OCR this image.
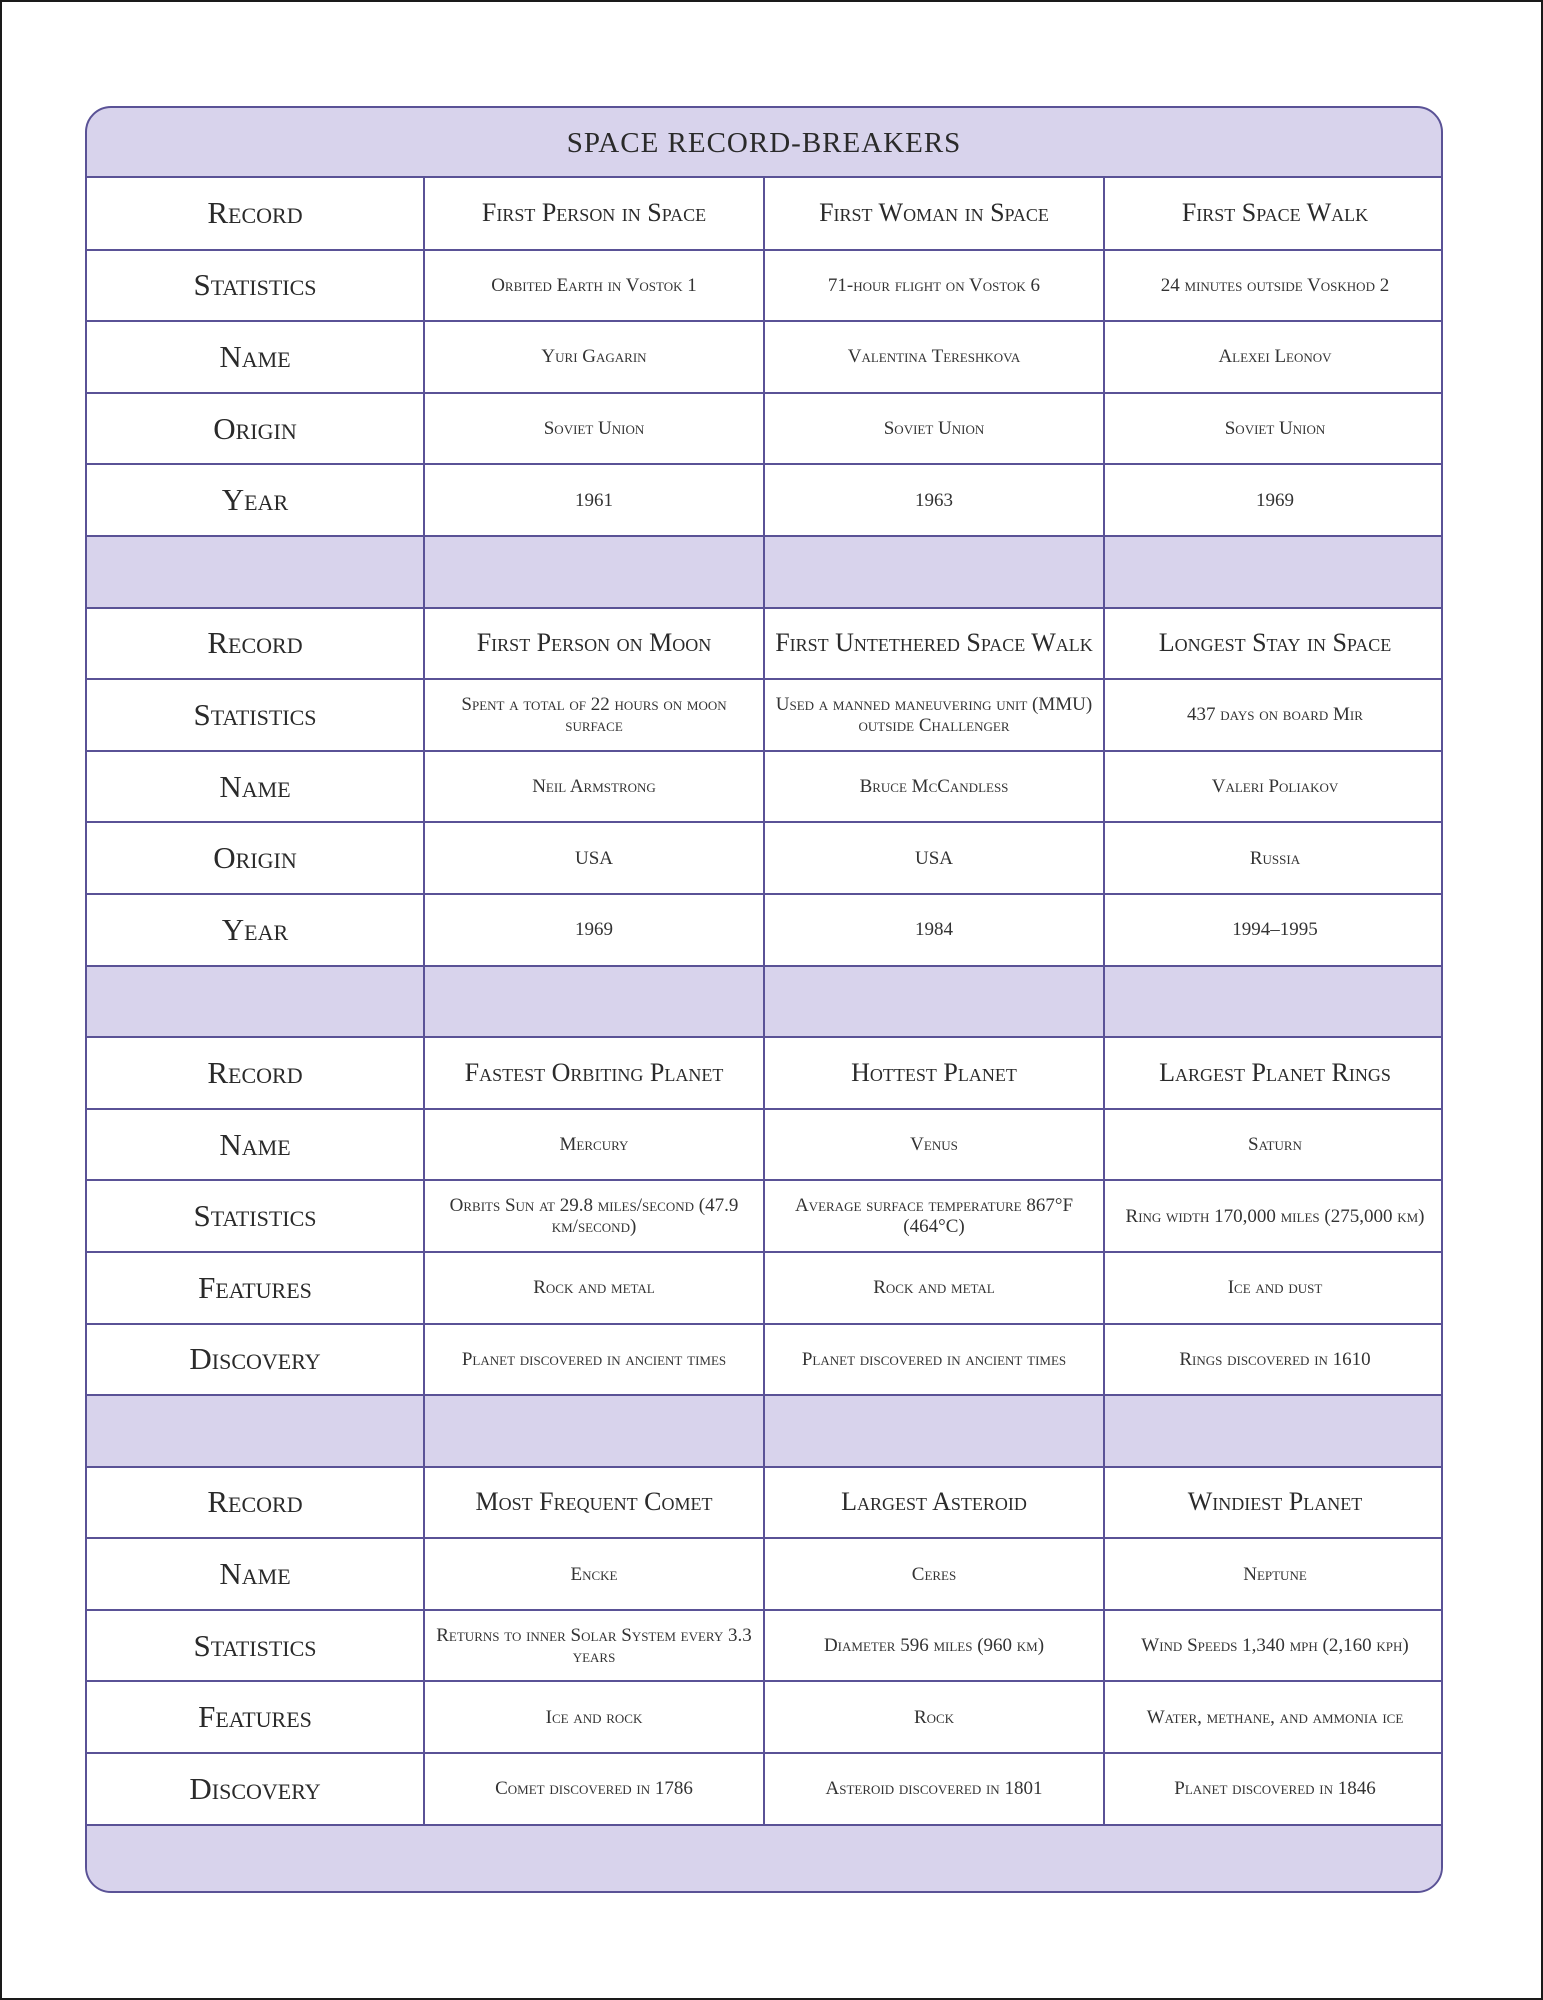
SPACE RECORD-BREAKERS
Record	First Person in Space	First Woman in Space	First Space Walk
Statistics	Orbited Earth in Vostok 1	71-hour flight on Vostok 6	24 minutes outside Voskhod 2
Name	Yuri Gagarin	Valentina Tereshkova	Alexei Leonov
Origin	Soviet Union	Soviet Union	Soviet Union
Year	1961	1963	1969

Record	First Person on Moon	First Untethered Space Walk	Longest Stay in Space
Statistics	Spent a total of 22 hours on moon surface	Used a manned maneuvering unit (MMU) outside Challenger	437 days on board Mir
Name	Neil Armstrong	Bruce McCandless	Valeri Poliakov
Origin	USA	USA	Russia
Year	1969	1984	1994–1995

Record	Fastest Orbiting Planet	Hottest Planet	Largest Planet Rings
Name	Mercury	Venus	Saturn
Statistics	Orbits Sun at 29.8 miles/second (47.9 km/second)	Average surface temperature 867°F (464°C)	Ring width 170,000 miles (275,000 km)
Features	Rock and metal	Rock and metal	Ice and dust
Discovery	Planet discovered in ancient times	Planet discovered in ancient times	Rings discovered in 1610

Record	Most Frequent Comet	Largest Asteroid	Windiest Planet
Name	Encke	Ceres	Neptune
Statistics	Returns to inner Solar System every 3.3 years	Diameter 596 miles (960 km)	Wind Speeds 1,340 mph (2,160 kph)
Features	Ice and rock	Rock	Water, methane, and ammonia ice
Discovery	Comet discovered in 1786	Asteroid discovered in 1801	Planet discovered in 1846
